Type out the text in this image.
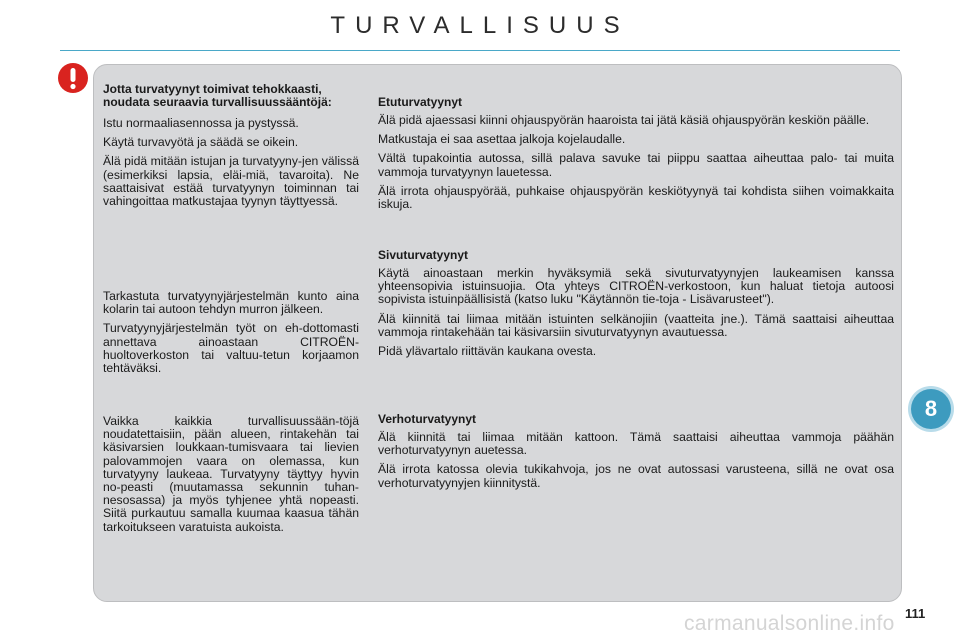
TURVALLISUUS
Jotta turvatyynyt toimivat tehokkaasti, noudata seuraavia turvallisuussääntöjä:

Istu normaaliasennossa ja pystyssä.

Käytä turvavyötä ja säädä se oikein.

Älä pidä mitään istujan ja turvatyyny-jen välissä (esimerkiksi lapsia, eläi-miä, tavaroita). Ne saattaisivat estää turvatyynyn toiminnan tai vahingoittaa matkustajaa tyynyn täyttyessä.

Tarkastuta turvatyynyjärjestelmän kunto aina kolarin tai autoon tehdyn murron jälkeen.

Turvatyynyjärjestelmän työt on eh-dottomasti annettava ainoastaan CITROËN-huoltoverkoston tai valtuu-tetun korjaamon tehtäväksi.

Vaikka kaikkia turvallisuussään-töjä noudatettaisiin, pään alueen, rintakehän tai käsivarsien loukkaan-tumisvaara tai lievien palovammojen vaara on olemassa, kun turvatyyny laukeaa. Turvatyyny täyttyy hyvin no-peasti (muutamassa sekunnin tuhan-nesosassa) ja myös tyhjenee yhtä nopeasti. Siitä purkautuu samalla kuumaa kaasua tähän tarkoitukseen varatuista aukoista.

Etuturvatyynyt

Älä pidä ajaessasi kiinni ohjauspyörän haaroista tai jätä käsiä ohjauspyörän keskiön päälle.

Matkustaja ei saa asettaa jalkoja kojelaudalle.

Vältä tupakointia autossa, sillä palava savuke tai piippu saattaa aiheuttaa palo- tai muita vammoja turvatyynyn lauetessa.

Älä irrota ohjauspyörää, puhkaise ohjauspyörän keskiötyynyä tai kohdista siihen voimakkaita iskuja.

Sivuturvatyynyt

Käytä ainoastaan merkin hyväksymiä sekä sivuturvatyynyjen laukeamisen kanssa yhteensopivia istuinsuojia. Ota yhteys CITROËN-verkostoon, kun haluat tietoja autoosi sopivista istuinpäällisistä (katso luku "Käytännön tie-toja - Lisävarusteet").

Älä kiinnitä tai liimaa mitään istuinten selkänojiin (vaatteita jne.). Tämä saattaisi aiheuttaa vammoja rintakehään tai käsivarsiin sivuturvatyynyn avautuessa.

Pidä ylävartalo riittävän kaukana ovesta.

Verhoturvatyynyt

Älä kiinnitä tai liimaa mitään kattoon. Tämä saattaisi aiheuttaa vammoja päähän verhoturvatyynyn auetessa.

Älä irrota katossa olevia tukikahvoja, jos ne ovat autossasi varusteena, sillä ne ovat osa verhoturvatyynyjen kiinnitystä.

8
carmanualsonline.info 111
